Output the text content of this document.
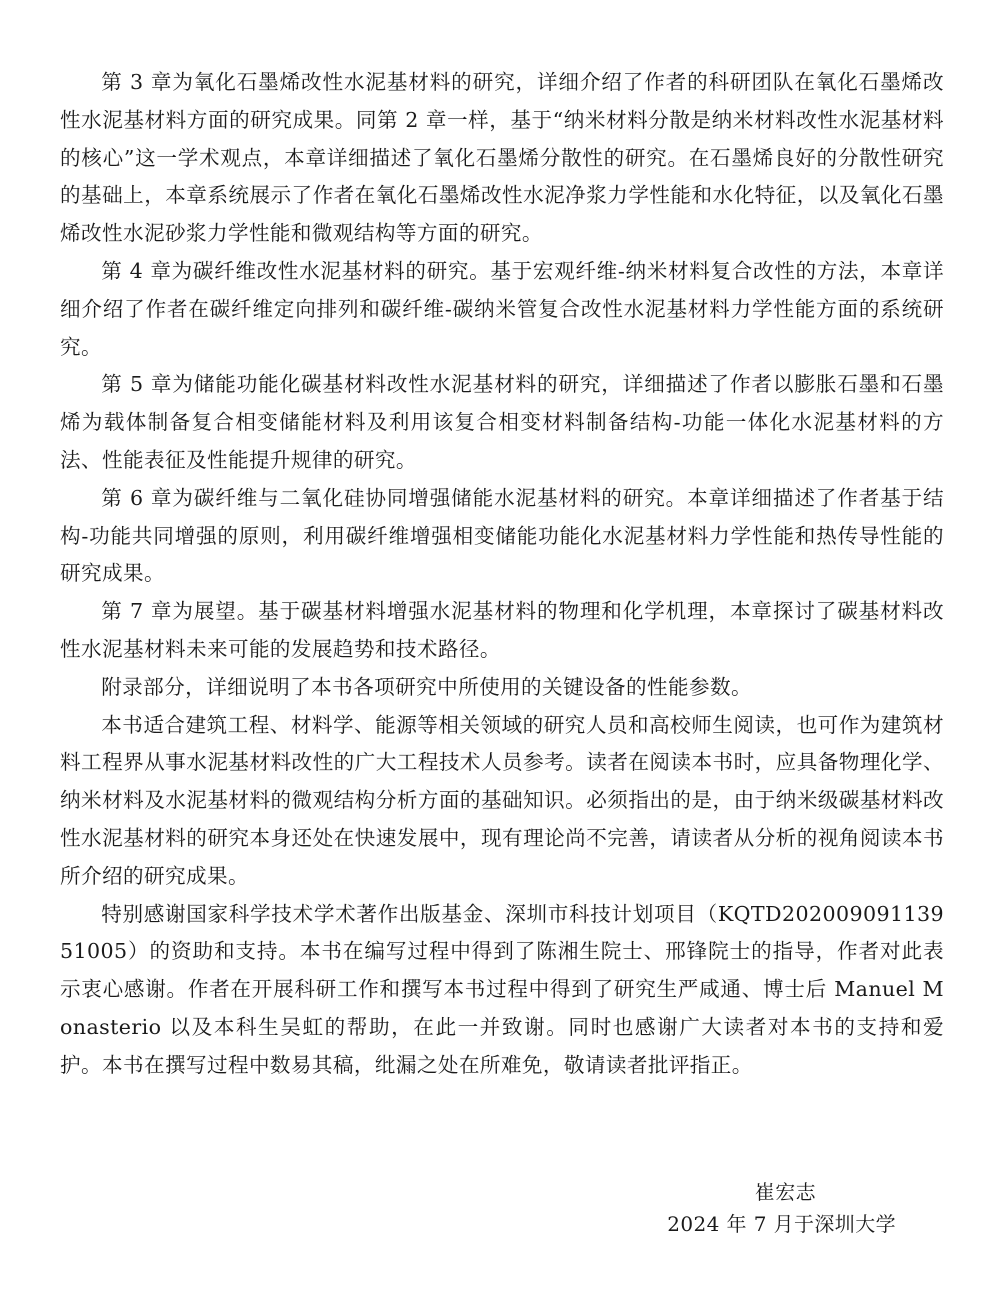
第 3 章为氧化石墨烯改性水泥基材料的研究，详细介绍了作者的科研团队在氧化石墨烯改性水泥基材料方面的研究成果。同第 2 章一样，基于“纳米材料分散是纳米材料改性水泥基材料的核心”这一学术观点，本章详细描述了氧化石墨烯分散性的研究。在石墨烯良好的分散性研究的基础上，本章系统展示了作者在氧化石墨烯改性水泥净浆力学性能和水化特征，以及氧化石墨烯改性水泥砂浆力学性能和微观结构等方面的研究。

第 4 章为碳纤维改性水泥基材料的研究。基于宏观纤维-纳米材料复合改性的方法，本章详细介绍了作者在碳纤维定向排列和碳纤维-碳纳米管复合改性水泥基材料力学性能方面的系统研究。

第 5 章为储能功能化碳基材料改性水泥基材料的研究，详细描述了作者以膨胀石墨和石墨烯为载体制备复合相变储能材料及利用该复合相变材料制备结构-功能一体化水泥基材料的方法、性能表征及性能提升规律的研究。

第 6 章为碳纤维与二氧化硅协同增强储能水泥基材料的研究。本章详细描述了作者基于结构-功能共同增强的原则，利用碳纤维增强相变储能功能化水泥基材料力学性能和热传导性能的研究成果。

第 7 章为展望。基于碳基材料增强水泥基材料的物理和化学机理，本章探讨了碳基材料改性水泥基材料未来可能的发展趋势和技术路径。

附录部分，详细说明了本书各项研究中所使用的关键设备的性能参数。

本书适合建筑工程、材料学、能源等相关领域的研究人员和高校师生阅读，也可作为建筑材料工程界从事水泥基材料改性的广大工程技术人员参考。读者在阅读本书时，应具备物理化学、纳米材料及水泥基材料的微观结构分析方面的基础知识。必须指出的是，由于纳米级碳基材料改性水泥基材料的研究本身还处在快速发展中，现有理论尚不完善，请读者从分析的视角阅读本书所介绍的研究成果。

特别感谢国家科学技术学术著作出版基金、深圳市科技计划项目（KQTD20200909113951005）的资助和支持。本书在编写过程中得到了陈湘生院士、邢锋院士的指导，作者对此表示衷心感谢。作者在开展科研工作和撰写本书过程中得到了研究生严咸通、博士后 Manuel Monasterio 以及本科生吴虹的帮助，在此一并致谢。同时也感谢广大读者对本书的支持和爱护。本书在撰写过程中数易其稿，纰漏之处在所难免，敬请读者批评指正。

崔宏志
2024 年 7 月于深圳大学
